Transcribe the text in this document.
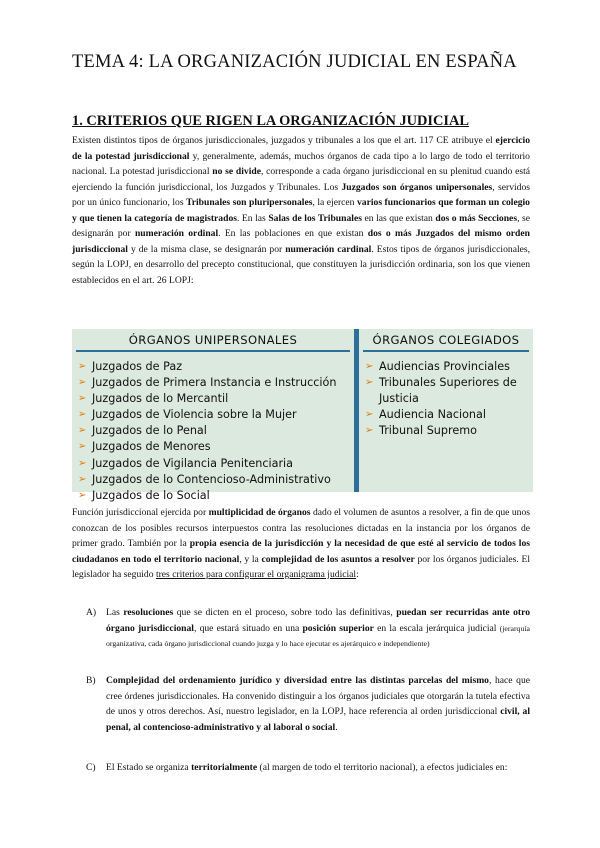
TEMA 4: LA ORGANIZACIÓN JUDICIAL EN ESPAÑA
1. CRITERIOS QUE RIGEN LA ORGANIZACIÓN JUDICIAL
Existen distintos tipos de órganos jurisdiccionales, juzgados y tribunales a los que el art. 117 CE atribuye el ejercicio de la potestad jurisdiccional y, generalmente, además, muchos órganos de cada tipo a lo largo de todo el territorio nacional. La potestad jurisdiccional no se divide, corresponde a cada órgano jurisdiccional en su plenitud cuando está ejerciendo la función jurisdiccional, los Juzgados y Tribunales. Los Juzgados son órganos unipersonales, servidos por un único funcionario, los Tribunales son pluripersonales, la ejercen varios funcionarios que forman un colegio y que tienen la categoría de magistrados. En las Salas de los Tribunales en las que existan dos o más Secciones, se designarán por numeración ordinal. En las poblaciones en que existan dos o más Juzgados del mismo orden jurisdiccional y de la misma clase, se designarán por numeración cardinal. Estos tipos de órganos jurisdiccionales, según la LOPJ, en desarrollo del precepto constitucional, que constituyen la jurisdicción ordinaria, son los que vienen establecidos en el art. 26 LOPJ:
ÓRGANOS UNIPERSONALES
➢ Juzgados de Paz
➢ Juzgados de Primera Instancia e Instrucción
➢ Juzgados de lo Mercantil
➢ Juzgados de Violencia sobre la Mujer
➢ Juzgados de lo Penal
➢ Juzgados de Menores
➢ Juzgados de Vigilancia Penitenciaria
➢ Juzgados de lo Contencioso-Administrativo
➢ Juzgados de lo Social
ÓRGANOS COLEGIADOS
➢ Audiencias Provinciales
➢ Tribunales Superiores de Justicia
➢ Audiencia Nacional
➢ Tribunal Supremo
Función jurisdiccional ejercida por multiplicidad de órganos dado el volumen de asuntos a resolver, a fin de que unos conozcan de los posibles recursos interpuestos contra las resoluciones dictadas en la instancia por los órganos de primer grado. También por la propia esencia de la jurisdicción y la necesidad de que esté al servicio de todos los ciudadanos en todo el territorio nacional, y la complejidad de los asuntos a resolver por los órganos judiciales. El legislador ha seguido tres criterios para configurar el organigrama judicial:
A) Las resoluciones que se dicten en el proceso, sobre todo las definitivas, puedan ser recurridas ante otro órgano jurisdiccional, que estará situado en una posición superior en la escala jerárquica judicial (jerarquía organizativa, cada órgano jurisdiccional cuando juzga y lo hace ejecutar es ajerárquico e independiente)
B) Complejidad del ordenamiento jurídico y diversidad entre las distintas parcelas del mismo, hace que cree órdenes jurisdiccionales. Ha convenido distinguir a los órganos judiciales que otorgarán la tutela efectiva de unos y otros derechos. Así, nuestro legislador, en la LOPJ, hace referencia al orden jurisdiccional civil, al penal, al contencioso-administrativo y al laboral o social.
C) El Estado se organiza territorialmente (al margen de todo el territorio nacional), a efectos judiciales en:
